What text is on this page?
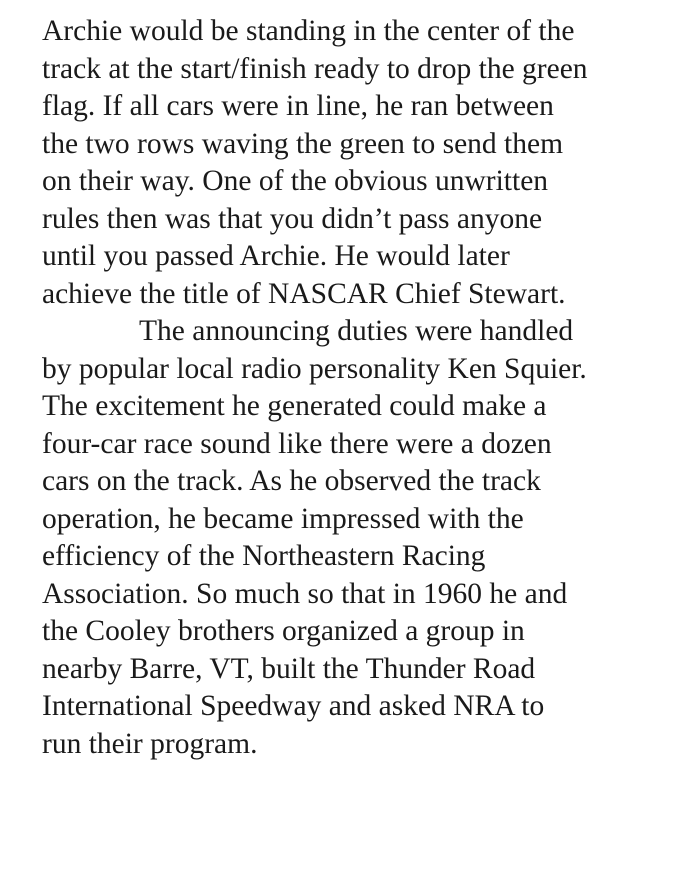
Archie would be standing in the center of the

track at the start/finish ready to drop the green

flag. If all cars were in line, he ran between

the two rows waving the green to send them

on their way. One of the obvious unwritten

rules then was that you didn’t pass anyone

until you passed Archie. He would later

achieve the title of NASCAR Chief Stewart.

The announcing duties were handled

by popular local radio personality Ken Squier.

The excitement he generated could make a

four-car race sound like there were a dozen

cars on the track. As he observed the track

operation, he became impressed with the

efficiency of the Northeastern Racing

Association. So much so that in 1960 he and

the Cooley brothers organized a group in

nearby Barre, VT, built the Thunder Road

International Speedway and asked NRA to

run their program.
